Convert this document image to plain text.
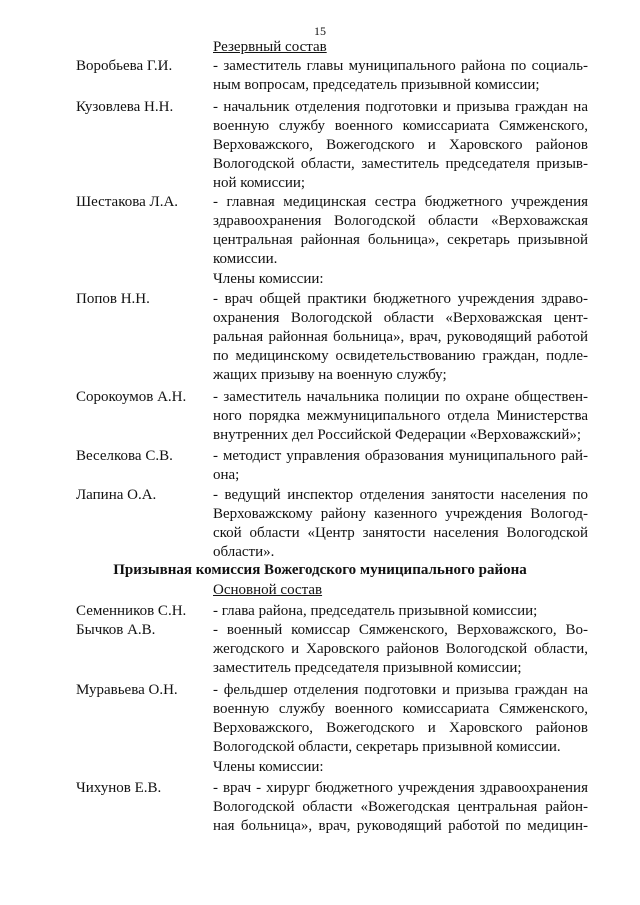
15
Резервный состав
Воробьева Г.И.	- заместитель главы муниципального района по социаль-
ным вопросам, председатель призывной комиссии;
Кузовлева Н.Н.	- начальник отделения подготовки и призыва граждан на
военную службу военного комиссариата Сямженского,
Верховажского, Вожегодского и Харовского районов
Вологодской области, заместитель председателя призыв-
ной комиссии;
Шестакова Л.А. - главная медицинская сестра бюджетного учреждения
здравоохранения Вологодской области «Верховажская
центральная районная больница», секретарь призывной
комиссии.
Члены комиссии:
Попов Н.Н.	- врач общей практики бюджетного учреждения здраво-
охранения Вологодской области «Верховажская цент-
ральная районная больница», врач, руководящий работой
по медицинскому освидетельствованию граждан, подле-
жащих призыву на военную службу;
Сорокоумов А.Н. - заместитель начальника полиции по охране обществен-
ного порядка межмуниципального отдела Министерства
внутренних дел Российской Федерации «Верховажский»;
Веселкова С.В.	- методист управления образования муниципального рай-
она;
Лапина О.А.	- ведущий инспектор отделения занятости населения по
Верховажскому району казенного учреждения Вологод-
ской области «Центр занятости населения Вологодской
области».
Призывная комиссия Вожегодского муниципального района
Основной состав
Семенников С.Н. - глава района, председатель призывной комиссии;
Бычков А.В.	- военный комиссар Сямженского, Верховажского, Во-
жегодского и Харовского районов Вологодской области,
заместитель председателя призывной комиссии;
Муравьева О.Н. - фельдшер отделения подготовки и призыва граждан на
военную службу военного комиссариата Сямженского,
Верховажского, Вожегодского и Харовского районов
Вологодской области, секретарь призывной комиссии.
Члены комиссии:
Чихунов Е.В.	- врач - хирург бюджетного учреждения здравоохранения
Вологодской области «Вожегодская центральная район-
ная больница», врач, руководящий работой по медицин-
